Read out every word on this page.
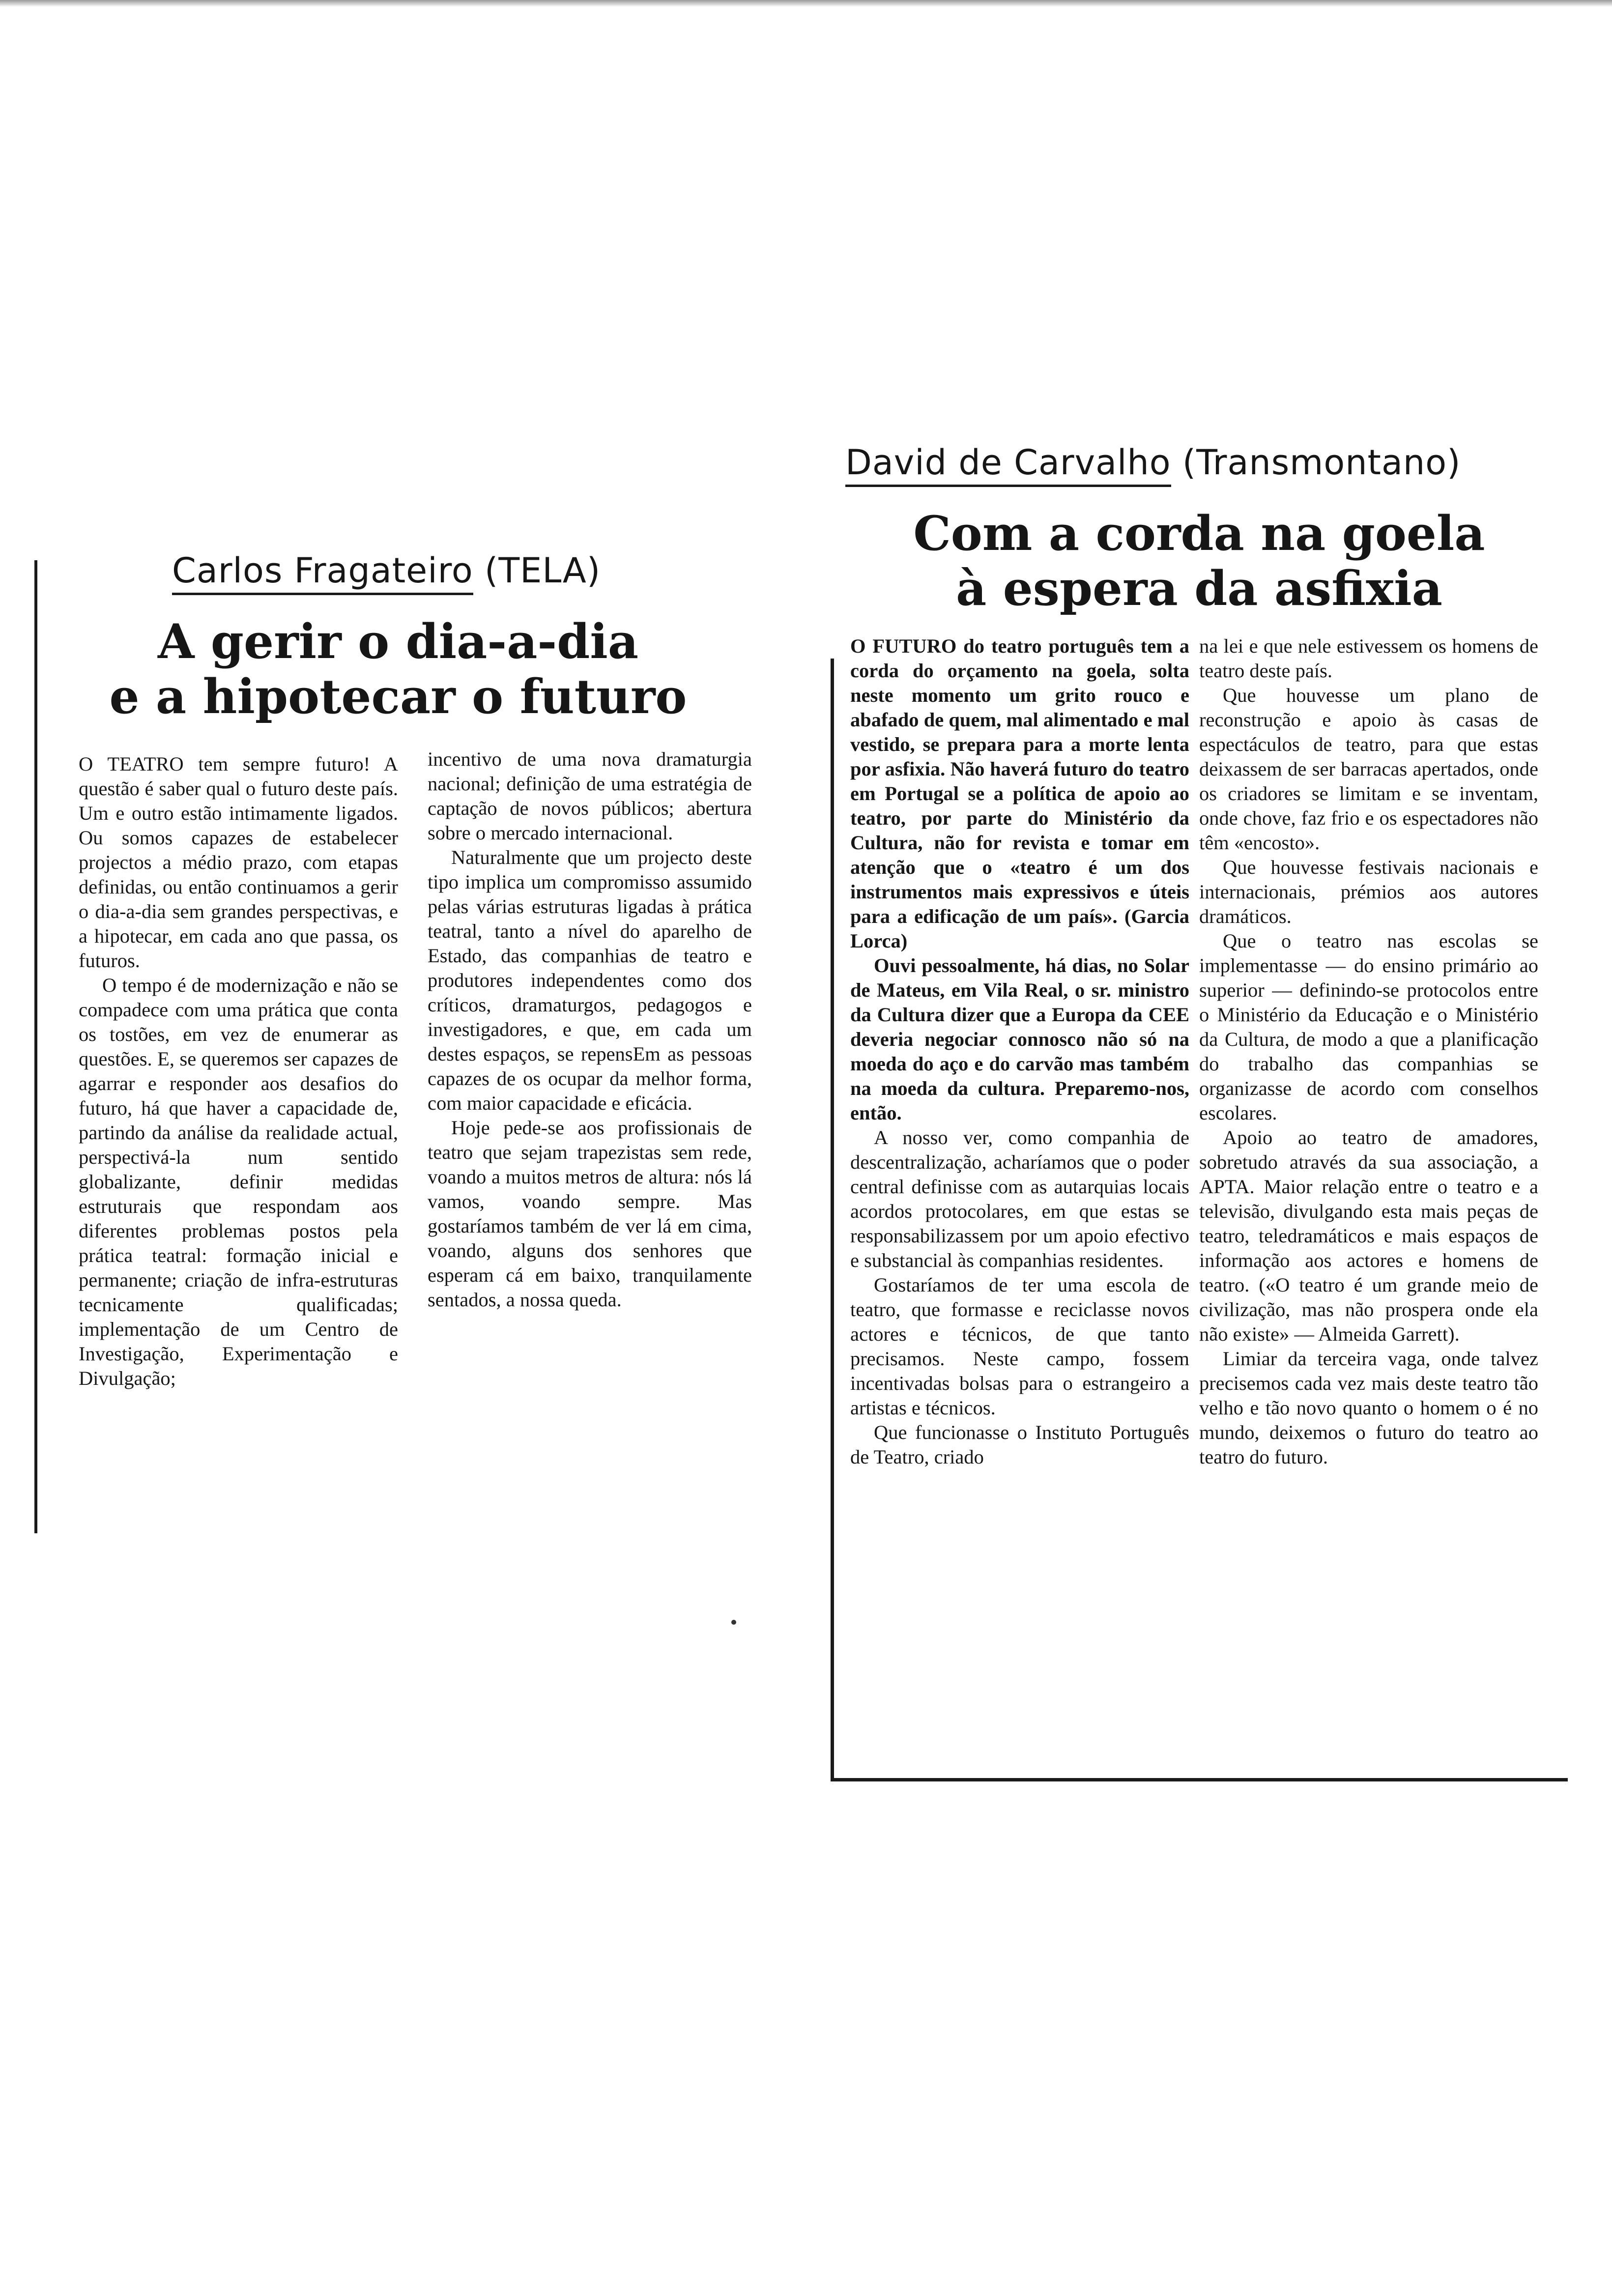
Carlos Fragateiro (TELA)
A gerir o dia-a-dia
e a hipotecar o futuro

O TEATRO tem sempre futuro! A questão é saber qual o futuro deste país. Um e outro estão intimamente ligados. Ou somos capazes de estabelecer projectos a médio prazo, com etapas definidas, ou então continuamos a gerir o dia-a-dia sem grandes perspectivas, e a hipotecar, em cada ano que passa, os futuros.

O tempo é de modernização e não se compadece com uma prática que conta os tostões, em vez de enumerar as questões. E, se queremos ser capazes de agarrar e responder aos desafios do futuro, há que haver a capacidade de, partindo da análise da realidade actual, perspectivá-la num sentido globalizante, definir medidas estruturais que respondam aos diferentes problemas postos pela prática teatral: formação inicial e permanente; criação de infra-estruturas tecnicamente qualificadas; implementação de um Centro de Investigação, Experimentação e Divulgação;

incentivo de uma nova dramaturgia nacional; definição de uma estratégia de captação de novos públicos; abertura sobre o mercado internacional.

Naturalmente que um projecto deste tipo implica um compromisso assumido pelas várias estruturas ligadas à prática teatral, tanto a nível do aparelho de Estado, das companhias de teatro e produtores independentes como dos críticos, dramaturgos, pedagogos e investigadores, e que, em cada um destes espaços, se repensEm as pessoas capazes de os ocupar da melhor forma, com maior capacidade e eficácia.

Hoje pede-se aos profissionais de teatro que sejam trapezistas sem rede, voando a muitos metros de altura: nós lá vamos, voando sempre. Mas gostaríamos também de ver lá em cima, voando, alguns dos senhores que esperam cá em baixo, tranquilamente sentados, a nossa queda.

David de Carvalho (Transmontano)
Com a corda na goela
à espera da asfixia

O FUTURO do teatro português tem a corda do orçamento na goela, solta neste momento um grito rouco e abafado de quem, mal alimentado e mal vestido, se prepara para a morte lenta por asfixia. Não haverá futuro do teatro em Portugal se a política de apoio ao teatro, por parte do Ministério da Cultura, não for revista e tomar em atenção que o «teatro é um dos instrumentos mais expressivos e úteis para a edificação de um país». (Garcia Lorca)

Ouvi pessoalmente, há dias, no Solar de Mateus, em Vila Real, o sr. ministro da Cultura dizer que a Europa da CEE deveria negociar connosco não só na moeda do aço e do carvão mas também na moeda da cultura. Preparemo-nos, então.

A nosso ver, como companhia de descentralização, acharíamos que o poder central definisse com as autarquias locais acordos protocolares, em que estas se responsabilizassem por um apoio efectivo e substancial às companhias residentes.

Gostaríamos de ter uma escola de teatro, que formasse e reciclasse novos actores e técnicos, de que tanto precisamos. Neste campo, fossem incentivadas bolsas para o estrangeiro a artistas e técnicos.

Que funcionasse o Instituto Português de Teatro, criado

na lei e que nele estivessem os homens de teatro deste país.

Que houvesse um plano de reconstrução e apoio às casas de espectáculos de teatro, para que estas deixassem de ser barracas apertados, onde os criadores se limitam e se inventam, onde chove, faz frio e os espectadores não têm «encosto».

Que houvesse festivais nacionais e internacionais, prémios aos autores dramáticos.

Que o teatro nas escolas se implementasse — do ensino primário ao superior — definindo-se protocolos entre o Ministério da Educação e o Ministério da Cultura, de modo a que a planificação do trabalho das companhias se organizasse de acordo com conselhos escolares.

Apoio ao teatro de amadores, sobretudo através da sua associação, a APTA. Maior relação entre o teatro e a televisão, divulgando esta mais peças de teatro, teledramáticos e mais espaços de informação aos actores e homens de teatro. («O teatro é um grande meio de civilização, mas não prospera onde ela não existe» — Almeida Garrett).

Limiar da terceira vaga, onde talvez precisemos cada vez mais deste teatro tão velho e tão novo quanto o homem o é no mundo, deixemos o futuro do teatro ao teatro do futuro.
